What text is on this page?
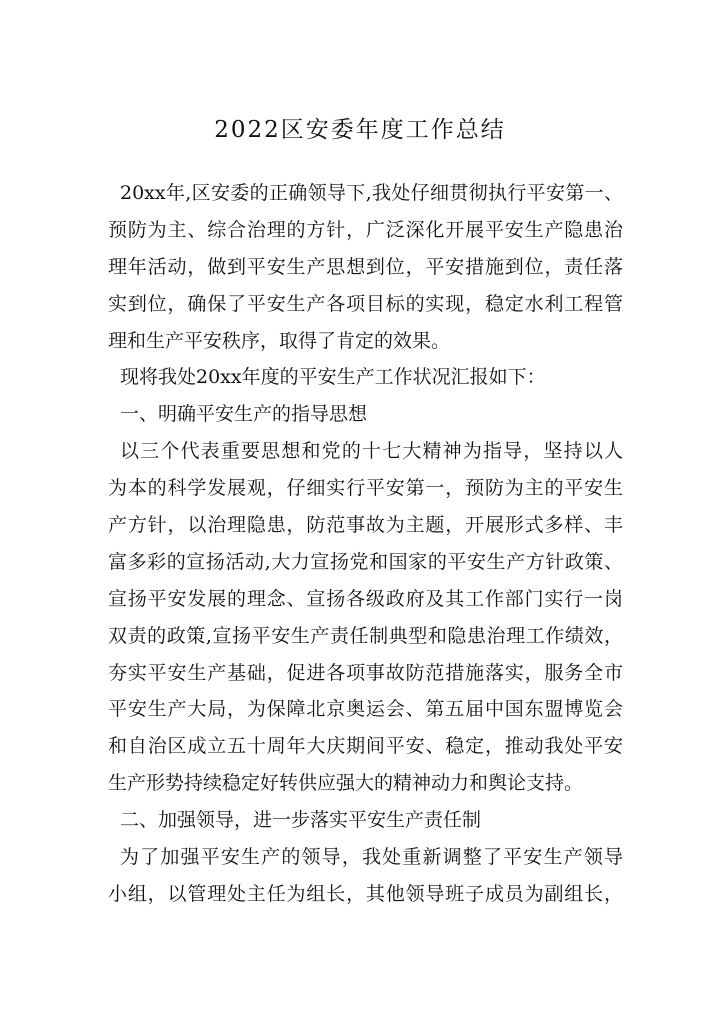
2022区安委年度工作总结
20xx年,区安委的正确领导下,我处仔细贯彻执行平安第一、
预防为主、综合治理的方针，广泛深化开展平安生产隐患治
理年活动，做到平安生产思想到位，平安措施到位，责任落
实到位，确保了平安生产各项目标的实现，稳定水利工程管
理和生产平安秩序，取得了肯定的效果。
现将我处20xx年度的平安生产工作状况汇报如下：
一、明确平安生产的指导思想
以三个代表重要思想和党的十七大精神为指导，坚持以人
为本的科学发展观，仔细实行平安第一，预防为主的平安生
产方针，以治理隐患，防范事故为主题，开展形式多样、丰
富多彩的宣扬活动,大力宣扬党和国家的平安生产方针政策、
宣扬平安发展的理念、宣扬各级政府及其工作部门实行一岗
双责的政策,宣扬平安生产责任制典型和隐患治理工作绩效，
夯实平安生产基础，促进各项事故防范措施落实，服务全市
平安生产大局，为保障北京奥运会、第五届中国东盟博览会
和自治区成立五十周年大庆期间平安、稳定，推动我处平安
生产形势持续稳定好转供应强大的精神动力和舆论支持。
二、加强领导，进一步落实平安生产责任制
为了加强平安生产的领导，我处重新调整了平安生产领导
小组，以管理处主任为组长，其他领导班子成员为副组长，
